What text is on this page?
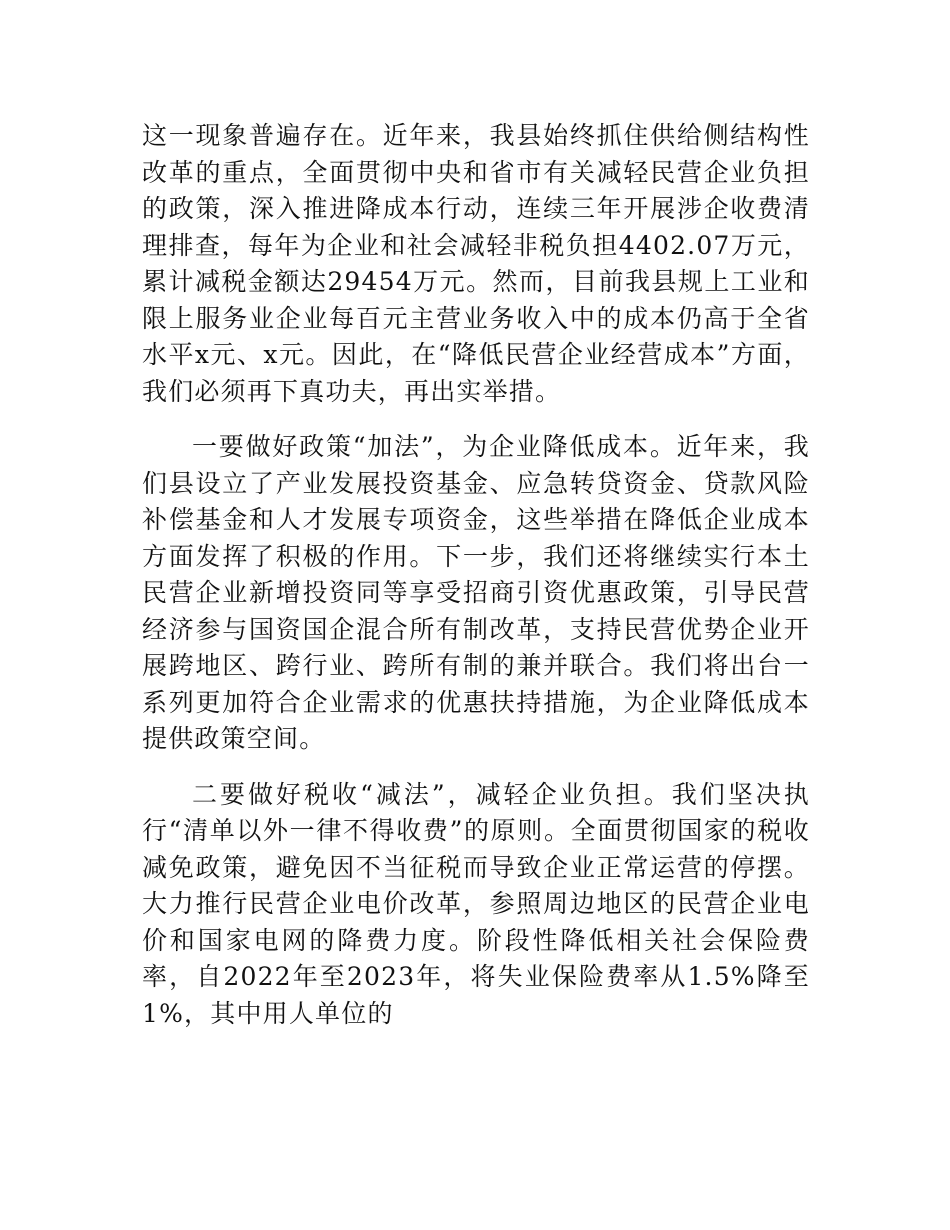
这一现象普遍存在。近年来，我县始终抓住供给侧结构性改革的重点，全面贯彻中央和省市有关减轻民营企业负担的政策，深入推进降成本行动，连续三年开展涉企收费清理排查，每年为企业和社会减轻非税负担4402.07万元，累计减税金额达29454万元。然而，目前我县规上工业和限上服务业企业每百元主营业务收入中的成本仍高于全省水平x元、x元。因此，在“降低民营企业经营成本”方面，我们必须再下真功夫，再出实举措。

一要做好政策“加法”，为企业降低成本。近年来，我们县设立了产业发展投资基金、应急转贷资金、贷款风险补偿基金和人才发展专项资金，这些举措在降低企业成本方面发挥了积极的作用。下一步，我们还将继续实行本土民营企业新增投资同等享受招商引资优惠政策，引导民营经济参与国资国企混合所有制改革，支持民营优势企业开展跨地区、跨行业、跨所有制的兼并联合。我们将出台一系列更加符合企业需求的优惠扶持措施，为企业降低成本提供政策空间。

二要做好税收“减法”，减轻企业负担。我们坚决执行“清单以外一律不得收费”的原则。全面贯彻国家的税收减免政策，避免因不当征税而导致企业正常运营的停摆。大力推行民营企业电价改革，参照周边地区的民营企业电价和国家电网的降费力度。阶段性降低相关社会保险费率，自2022年至2023年，将失业保险费率从1.5%降至1%，其中用人单位的
